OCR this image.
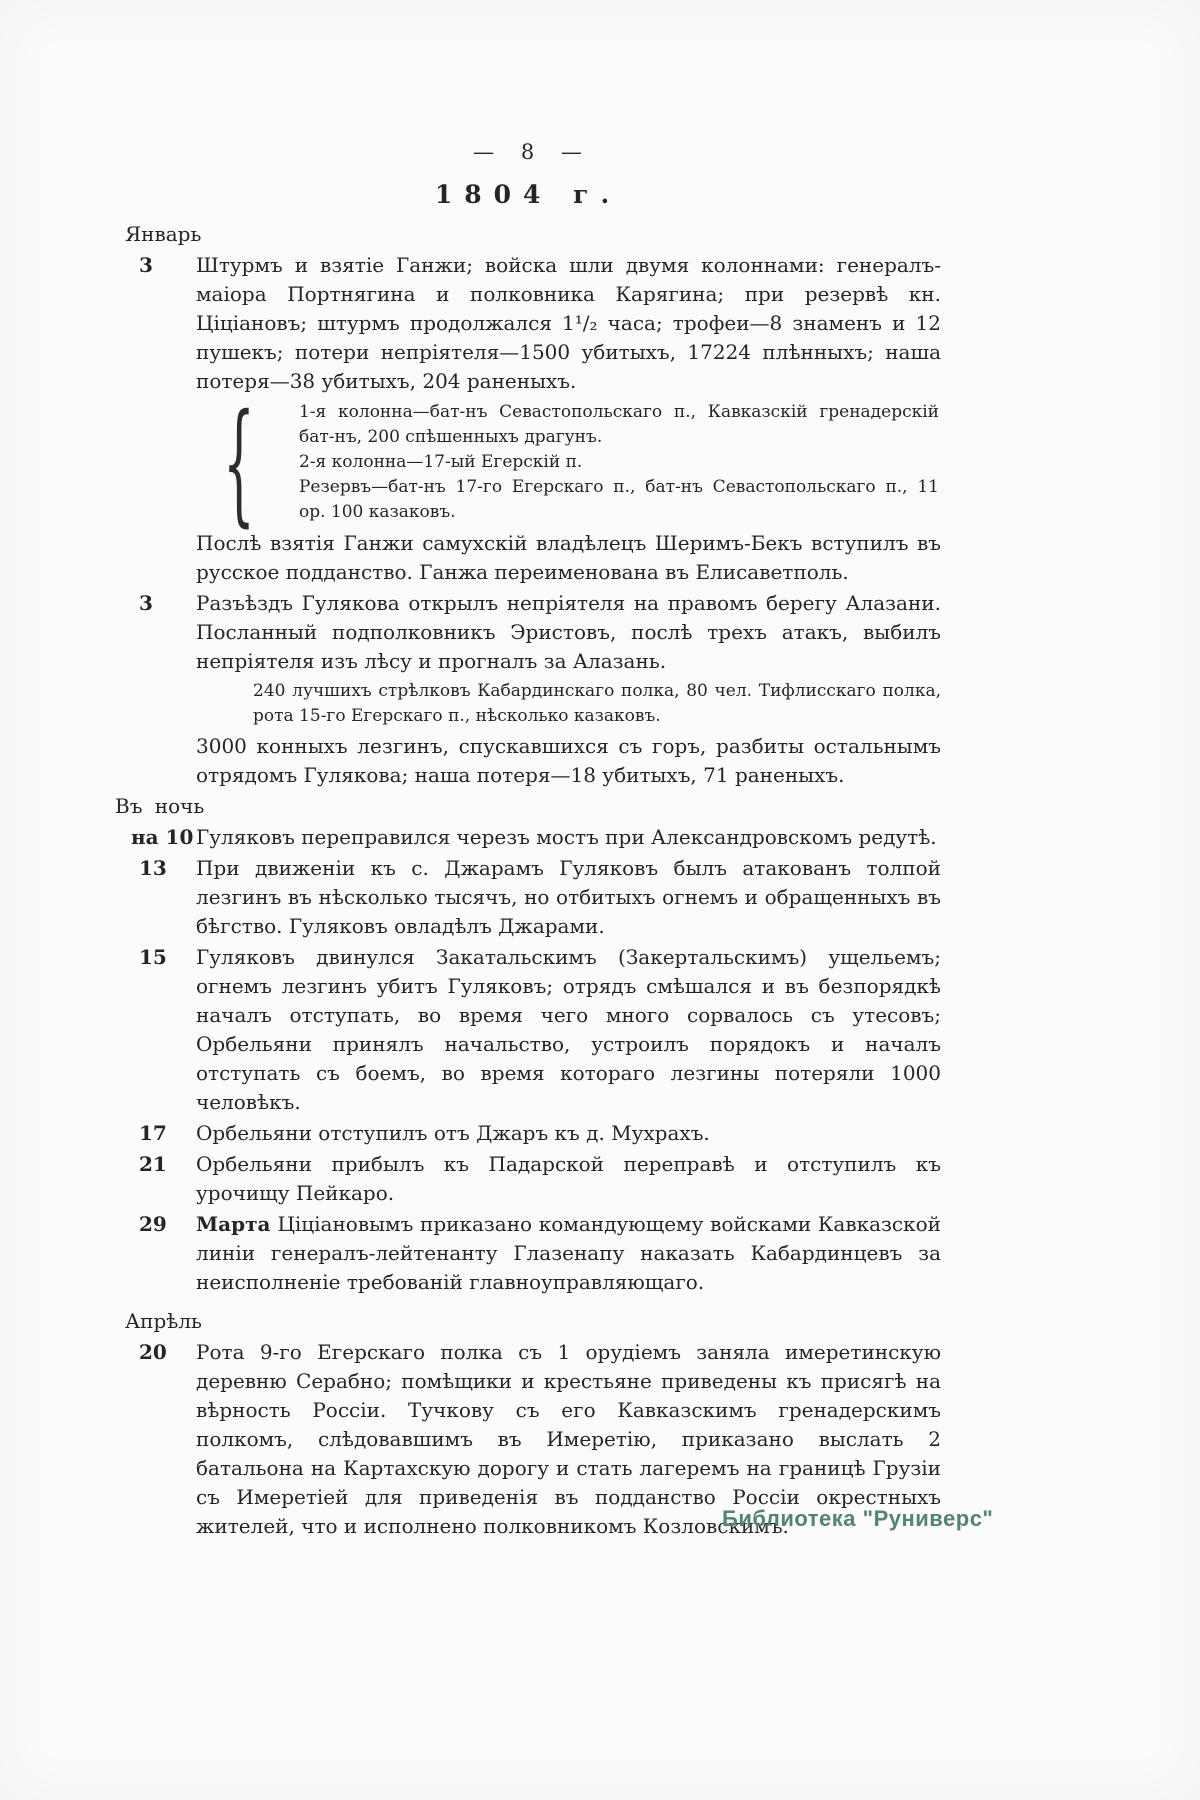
— 8 —
1804 г.
Январь
3	Штурмъ и взятіе Ганжи; войска шли двумя колоннами: генералъ-маіора Портнягина и полковника Карягина; при резервѣ кн. Ціціановъ; штурмъ продолжался 1¹/₂ часа; трофеи—8 знаменъ и 12 пушекъ; потери непріятеля—1500 убитыхъ, 17224 плѣнныхъ; наша потеря—38 убитыхъ, 204 раненыхъ.
{	1-я колонна—бат-нъ Севастопольскаго п., Кавказскій гренадерскій бат-нъ, 200 спѣшенныхъ драгунъ.
2-я колонна—17-ый Егерскій п.
Резервъ—бат-нъ 17-го Егерскаго п., бат-нъ Севастопольскаго п., 11 ор. 100 казаковъ.
Послѣ взятія Ганжи самухскій владѣлецъ Шеримъ-Бекъ вступилъ въ русское подданство. Ганжа переименована въ Елисаветполь.
3	Разъѣздъ Гулякова открылъ непріятеля на правомъ берегу Алазани. Посланный подполковникъ Эристовъ, послѣ трехъ атакъ, выбилъ непріятеля изъ лѣсу и прогналъ за Алазань.
240 лучшихъ стрѣлковъ Кабардинскаго полка, 80 чел. Тифлисскаго полка, рота 15-го Егерскаго п., нѣсколько казаковъ.
3000 конныхъ лезгинъ, спускавшихся съ горъ, разбиты остальнымъ отрядомъ Гулякова; наша потеря—18 убитыхъ, 71 раненыхъ.
Въ ночь
на 10 Гуляковъ переправился черезъ мостъ при Александровскомъ редутѣ.
13	При движеніи къ с. Джарамъ Гуляковъ былъ атакованъ толпой лезгинъ въ нѣсколько тысячъ, но отбитыхъ огнемъ и обращенныхъ въ бѣгство. Гуляковъ овладѣлъ Джарами.
15	Гуляковъ двинулся Закатальскимъ (Закертальскимъ) ущельемъ; огнемъ лезгинъ убитъ Гуляковъ; отрядъ смѣшался и въ безпорядкѣ началъ отступать, во время чего много сорвалось съ утесовъ; Орбельяни принялъ начальство, устроилъ порядокъ и началъ отступать съ боемъ, во время котораго лезгины потеряли 1000 человѣкъ.
17	Орбельяни отступилъ отъ Джаръ къ д. Мухрахъ.
21	Орбельяни прибылъ къ Падарской переправѣ и отступилъ къ урочищу Пейкаро.
29	Марта Ціціановымъ приказано командующему войсками Кавказской линіи генералъ-лейтенанту Глазенапу наказать Кабардинцевъ за неисполненіе требованій главноуправляющаго.
Апрѣль
20	Рота 9-го Егерскаго полка съ 1 орудіемъ заняла имеретинскую деревню Серабно; помѣщики и крестьяне приведены къ присягѣ на вѣрность Россіи. Тучкову съ его Кавказскимъ гренадерскимъ полкомъ, слѣдовавшимъ въ Имеретію, приказано выслать 2 батальона на Картахскую дорогу и стать лагеремъ на границѣ Грузіи съ Имеретіей для приведенія въ подданство Россіи окрестныхъ жителей, что и исполнено полковникомъ Козловскимъ.
Библиотека "Руниверс"
